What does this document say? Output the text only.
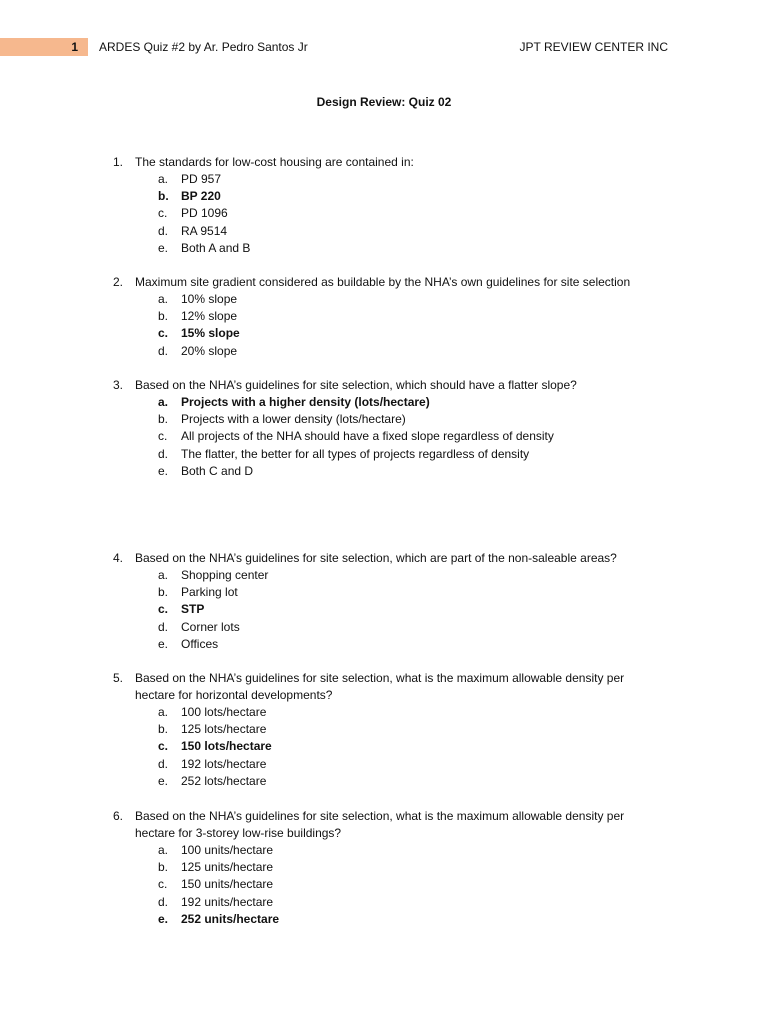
1	ARDES Quiz #2 by Ar. Pedro Santos Jr	JPT REVIEW CENTER INC
Design Review: Quiz 02
1. The standards for low-cost housing are contained in:
a. PD 957
b. BP 220
c. PD 1096
d. RA 9514
e. Both A and B
2. Maximum site gradient considered as buildable by the NHA’s own guidelines for site selection
a. 10% slope
b. 12% slope
c. 15% slope
d. 20% slope
3. Based on the NHA’s guidelines for site selection, which should have a flatter slope?
a. Projects with a higher density (lots/hectare)
b. Projects with a lower density (lots/hectare)
c. All projects of the NHA should have a fixed slope regardless of density
d. The flatter, the better for all types of projects regardless of density
e. Both C and D
4. Based on the NHA’s guidelines for site selection, which are part of the non-saleable areas?
a. Shopping center
b. Parking lot
c. STP
d. Corner lots
e. Offices
5. Based on the NHA’s guidelines for site selection, what is the maximum allowable density per hectare for horizontal developments?
a. 100 lots/hectare
b. 125 lots/hectare
c. 150 lots/hectare
d. 192 lots/hectare
e. 252 lots/hectare
6. Based on the NHA’s guidelines for site selection, what is the maximum allowable density per hectare for 3-storey low-rise buildings?
a. 100 units/hectare
b. 125 units/hectare
c. 150 units/hectare
d. 192 units/hectare
e. 252 units/hectare
